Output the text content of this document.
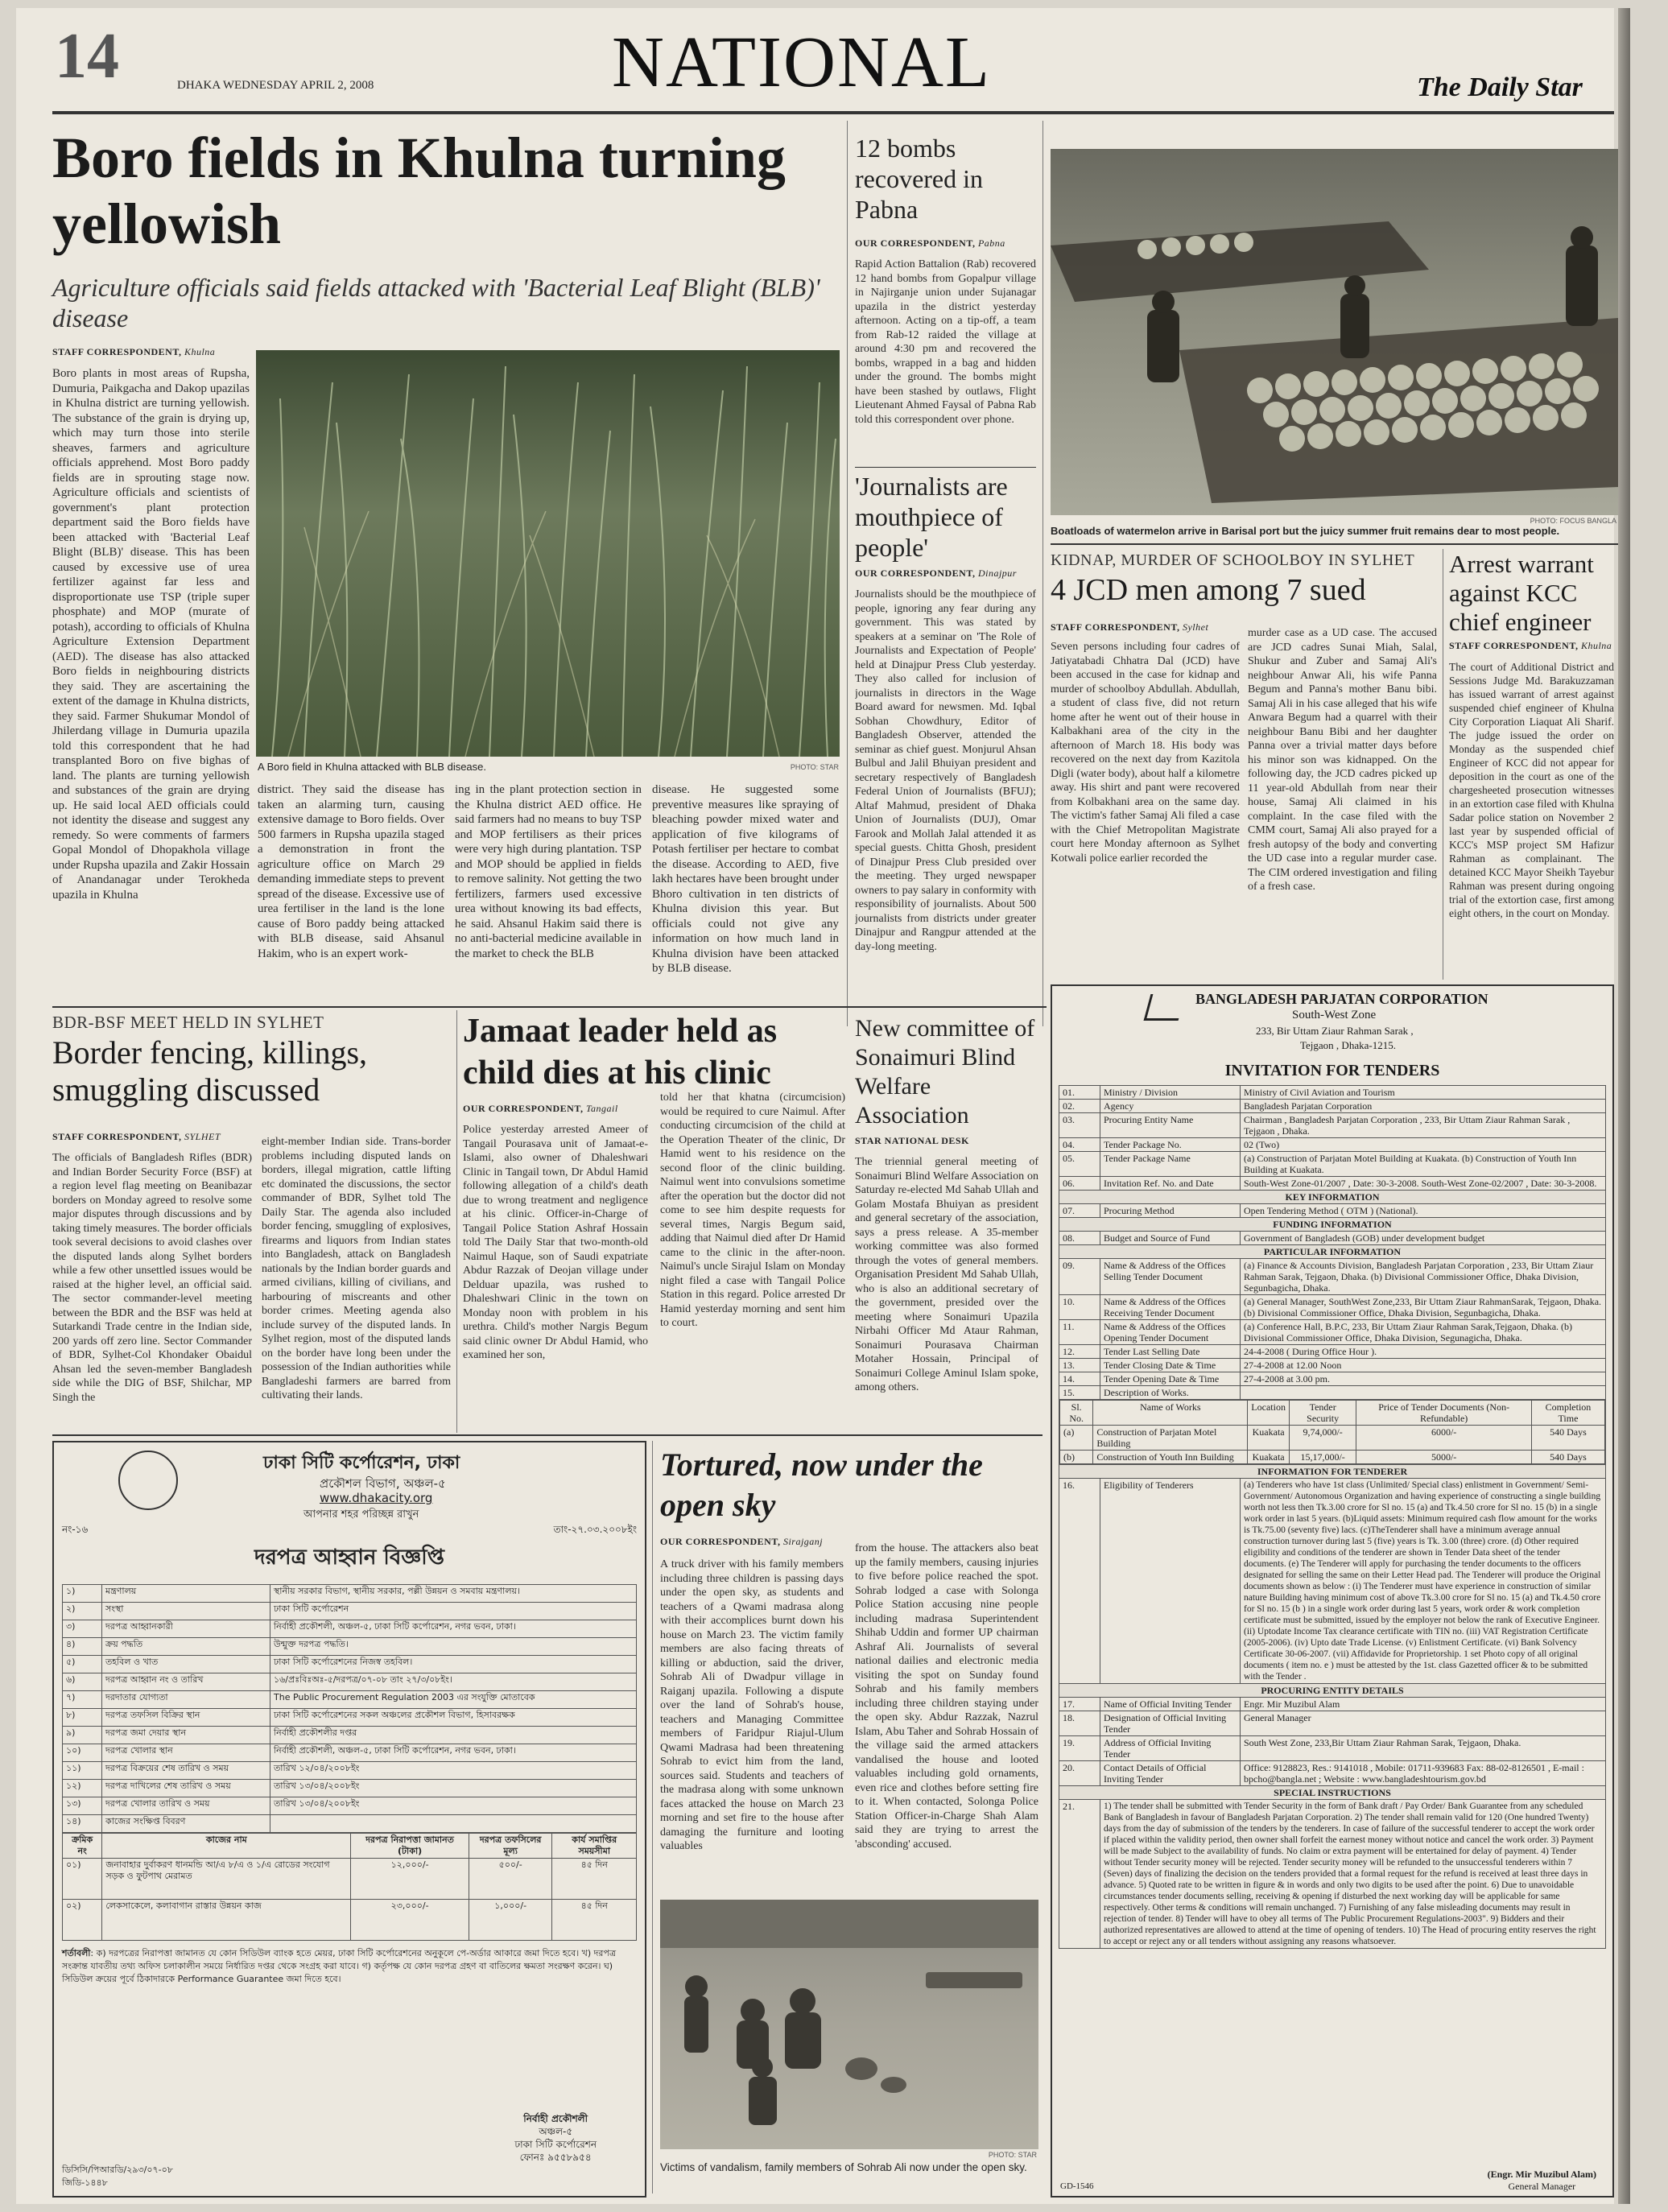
14	DHAKA WEDNESDAY APRIL 2, 2008	NATIONAL	The Daily Star
Boro fields in Khulna turning yellowish
Agriculture officials said fields attacked with 'Bacterial Leaf Blight (BLB)' disease
STAFF CORRESPONDENT, Khulna
Boro plants in most areas of Rupsha, Dumuria, Paikgacha and Dakop upazilas in Khulna district are turning yellowish. The substance of the grain is drying up, which may turn those into sterile sheaves, farmers and agriculture officials apprehend. Most Boro paddy fields are in sprouting stage now. Agriculture officials and scientists of government's plant protection department said the Boro fields have been attacked with 'Bacterial Leaf Blight (BLB)' disease. This has been caused by excessive use of urea fertilizer against far less and disproportionate use TSP (triple super phosphate) and MOP (murate of potash), according to officials of Khulna Agriculture Extension Department (AED). The disease has also attacked Boro fields in neighbouring districts they said. They are ascertaining the extent of the damage in Khulna districts, they said. Farmer Shukumar Mondol of Jhilerdang village in Dumuria upazila told this correspondent that he had transplanted Boro on five bighas of land. The plants are turning yellowish and substances of the grain are drying up. He said local AED officials could not identity the disease and suggest any remedy. So were comments of farmers Gopal Mondol of Dhopakhola village under Rupsha upazila and Zakir Hossain of Anandanagar under Terokheda upazila in Khulna
A Boro field in Khulna attacked with BLB disease.	PHOTO: STAR
district. They said the disease has taken an alarming turn, causing extensive damage to Boro fields. Over 500 farmers in Rupsha upazila staged a demonstration in front the agriculture office on March 29 demanding immediate steps to prevent spread of the disease. Excessive use of urea fertiliser in the land is the lone cause of Boro paddy being attacked with BLB disease, said Ahsanul Hakim, who is an expert work-
ing in the plant protection section in the Khulna district AED office. He said farmers had no means to buy TSP and MOP fertilisers as their prices were very high during plantation. TSP and MOP should be applied in fields to remove salinity. Not getting the two fertilizers, farmers used excessive urea without knowing its bad effects, he said. Ahsanul Hakim said there is no anti-bacterial medicine available in the market to check the BLB
disease. He suggested some preventive measures like spraying of bleaching powder mixed water and application of five kilograms of Potash fertiliser per hectare to combat the disease. According to AED, five lakh hectares have been brought under Bhoro cultivation in ten districts of Khulna division this year. But officials could not give any information on how much land in Khulna division have been attacked by BLB disease.
12 bombs recovered in Pabna
OUR CORRESPONDENT, Pabna
Rapid Action Battalion (Rab) recovered 12 hand bombs from Gopalpur village in Najirganje union under Sujanagar upazila in the district yesterday afternoon. Acting on a tip-off, a team from Rab-12 raided the village at around 4:30 pm and recovered the bombs, wrapped in a bag and hidden under the ground. The bombs might have been stashed by outlaws, Flight Lieutenant Ahmed Faysal of Pabna Rab told this correspondent over phone.
'Journalists are mouthpiece of people'
OUR CORRESPONDENT, Dinajpur
Journalists should be the mouthpiece of people, ignoring any fear during any government. This was stated by speakers at a seminar on 'The Role of Journalists and Expectation of People' held at Dinajpur Press Club yesterday. They also called for inclusion of journalists in directors in the Wage Board award for newsmen. Md. Iqbal Sobhan Chowdhury, Editor of Bangladesh Observer, attended the seminar as chief guest. Monjurul Ahsan Bulbul and Jalil Bhuiyan president and secretary respectively of Bangladesh Federal Union of Journalists (BFUJ); Altaf Mahmud, president of Dhaka Union of Journalists (DUJ), Omar Farook and Mollah Jalal attended it as special guests. Chitta Ghosh, president of Dinajpur Press Club presided over the meeting. They urged newspaper owners to pay salary in conformity with responsibility of journalists. About 500 journalists from districts under greater Dinajpur and Rangpur attended at the day-long meeting.
PHOTO: FOCUS BANGLA
Boatloads of watermelon arrive in Barisal port but the juicy summer fruit remains dear to most people.
KIDNAP, MURDER OF SCHOOLBOY IN SYLHET
4 JCD men among 7 sued
STAFF CORRESPONDENT, Sylhet
Seven persons including four cadres of Jatiyatabadi Chhatra Dal (JCD) have been accused in the case for kidnap and murder of schoolboy Abdullah. Abdullah, a student of class five, did not return home after he went out of their house in Kalbakhani area of the city in the afternoon of March 18. His body was recovered on the next day from Kazitola Digli (water body), about half a kilometre away. His shirt and pant were recovered from Kolbakhani area on the same day. The victim's father Samaj Ali filed a case with the Chief Metropolitan Magistrate court here Monday afternoon as Sylhet Kotwali police earlier recorded the
murder case as a UD case. The accused are JCD cadres Sunai Miah, Salal, Shukur and Zuber and Samaj Ali's neighbour Anwar Ali, his wife Panna Begum and Panna's mother Banu bibi. Samaj Ali in his case alleged that his wife Anwara Begum had a quarrel with their neighbour Banu Bibi and her daughter Panna over a trivial matter days before his minor son was kidnapped. On the following day, the JCD cadres picked up 11 year-old Abdullah from near their house, Samaj Ali claimed in his complaint. In the case filed with the CMM court, Samaj Ali also prayed for a fresh autopsy of the body and converting the UD case into a regular murder case. The CIM ordered investigation and filing of a fresh case.
Arrest warrant against KCC chief engineer
STAFF CORRESPONDENT, Khulna
The court of Additional District and Sessions Judge Md. Barakuzzaman has issued warrant of arrest against suspended chief engineer of Khulna City Corporation Liaquat Ali Sharif. The judge issued the order on Monday as the suspended chief Engineer of KCC did not appear for deposition in the court as one of the chargesheeted prosecution witnesses in an extortion case filed with Khulna Sadar police station on November 2 last year by suspended official of KCC's MSP project SM Hafizur Rahman as complainant. The detained KCC Mayor Sheikh Tayebur Rahman was present during ongoing trial of the extortion case, first among eight others, in the court on Monday.
BDR-BSF MEET HELD IN SYLHET
Border fencing, killings, smuggling discussed
STAFF CORRESPONDENT, SYLHET
The officials of Bangladesh Rifles (BDR) and Indian Border Security Force (BSF) at a region level flag meeting on Beanibazar borders on Monday agreed to resolve some major disputes through discussions and by taking timely measures. The border officials took several decisions to avoid clashes over the disputed lands along Sylhet borders while a few other unsettled issues would be raised at the higher level, an official said. The sector commander-level meeting between the BDR and the BSF was held at Sutarkandi Trade centre in the Indian side, 200 yards off zero line. Sector Commander of BDR, Sylhet-Col Khondaker Obaidul Ahsan led the seven-member Bangladesh side while the DIG of BSF, Shilchar, MP Singh the
eight-member Indian side. Trans-border problems including disputed lands on borders, illegal migration, cattle lifting etc dominated the discussions, the sector commander of BDR, Sylhet told The Daily Star. The agenda also included border fencing, smuggling of explosives, firearms and liquors from Indian states into Bangladesh, attack on Bangladesh nationals by the Indian border guards and armed civilians, killing of civilians, and harbouring of miscreants and other border crimes. Meeting agenda also include survey of the disputed lands. In Sylhet region, most of the disputed lands on the border have long been under the possession of the Indian authorities while Bangladeshi farmers are barred from cultivating their lands.
Jamaat leader held as child dies at his clinic
OUR CORRESPONDENT, Tangail
Police yesterday arrested Ameer of Tangail Pourasava unit of Jamaat-e-Islami, also owner of Dhaleshwari Clinic in Tangail town, Dr Abdul Hamid following allegation of a child's death due to wrong treatment and negligence at his clinic. Officer-in-Charge of Tangail Police Station Ashraf Hossain told The Daily Star that two-month-old Naimul Haque, son of Saudi expatriate Abdur Razzak of Deojan village under Delduar upazila, was rushed to Dhaleshwari Clinic in the town on Monday noon with problem in his urethra. Child's mother Nargis Begum said clinic owner Dr Abdul Hamid, who examined her son,
told her that khatna (circumcision) would be required to cure Naimul. After conducting circumcision of the child at the Operation Theater of the clinic, Dr Hamid went to his residence on the second floor of the clinic building. Naimul went into convulsions sometime after the operation but the doctor did not come to see him despite requests for several times, Nargis Begum said, adding that Naimul died after Dr Hamid came to the clinic in the after-noon. Naimul's uncle Sirajul Islam on Monday night filed a case with Tangail Police Station in this regard. Police arrested Dr Hamid yesterday morning and sent him to court.
New committee of Sonaimuri Blind Welfare Association
STAR NATIONAL DESK
The triennial general meeting of Sonaimuri Blind Welfare Association on Saturday re-elected Md Sahab Ullah and Golam Mostafa Bhuiyan as president and general secretary of the association, says a press release. A 35-member working committee was also formed through the votes of general members. Organisation President Md Sahab Ullah, who is also an additional secretary of the government, presided over the meeting where Sonaimuri Upazila Nirbahi Officer Md Ataur Rahman, Sonaimuri Pourasava Chairman Motaher Hossain, Principal of Sonaimuri College Aminul Islam spoke, among others.
Tortured, now under the open sky
OUR CORRESPONDENT, Sirajganj
A truck driver with his family members including three children is passing days under the open sky, as students and teachers of a Qwami madrasa along with their accomplices burnt down his house on March 23. The victim family members are also facing threats of killing or abduction, said the driver, Sohrab Ali of Dwadpur village in Raiganj upazila. Following a dispute over the land of Sohrab's house, teachers and Managing Committee members of Faridpur Riajul-Ulum Qwami Madrasa had been threatening Sohrab to evict him from the land, sources said. Students and teachers of the madrasa along with some unknown faces attacked the house on March 23 morning and set fire to the house after damaging the furniture and looting valuables
from the house. The attackers also beat up the family members, causing injuries to five before police reached the spot. Sohrab lodged a case with Solonga Police Station accusing nine people including madrasa Superintendent Shihab Uddin and former UP chairman Ashraf Ali. Journalists of several national dailies and electronic media visiting the spot on Sunday found Sohrab and his family members including three children staying under the open sky. Abdur Razzak, Nazrul Islam, Abu Taher and Sohrab Hossain of the village said the armed attackers vandalised the house and looted valuables including gold ornaments, even rice and clothes before setting fire to it. When contacted, Solonga Police Station Officer-in-Charge Shah Alam said they are trying to arrest the 'absconding' accused.
PHOTO: STAR
Victims of vandalism, family members of Sohrab Ali now under the open sky.
ঢাকা সিটি কর্পোরেশন, ঢাকা
প্রকৌশল বিভাগ, অঞ্চল-৫
www.dhakacity.org
আপনার শহর পরিচ্ছন্ন রাখুন
নং-১৬	তাং-২৭.০৩.২০০৮ইং
দরপত্র আহ্বান বিজ্ঞপ্তি
১)	মন্ত্রণালয়	স্থানীয় সরকার বিভাগ, স্থানীয় সরকার, পল্লী উন্নয়ন ও সমবায় মন্ত্রণালয়।
২)	সংস্থা	ঢাকা সিটি কর্পোরেশন
৩)	দরপত্র আহ্বানকারী	নির্বাহী প্রকৌশলী, অঞ্চল-৫, ঢাকা সিটি কর্পোরেশন, নগর ভবন, ঢাকা।
৪)	ক্রয় পদ্ধতি	উন্মুক্ত দরপত্র পদ্ধতি।
৫)	তহবিল ও খাত	ঢাকা সিটি কর্পোরেশনের নিজস্ব তহবিল।
৬)	দরপত্র আহ্বান নং ও তারিখ	১৬/প্রঃবিঃঅঃ-৫/দরপত্র/০৭-০৮ তাং ২৭/৩/০৮ইং।
৭)	দরদাতার যোগ্যতা	The Public Procurement Regulation 2003 এর সংযুক্তি মোতাবেক
৮)	দরপত্র তফসিল বিক্রির স্থান	ঢাকা সিটি কর্পোরেশনের সকল অঞ্চলের প্রকৌশল বিভাগ, হিসাবরক্ষক
৯)	দরপত্র জমা দেয়ার স্থান	নির্বাহী প্রকৌশলীর দপ্তর
১০)	দরপত্র খোলার স্থান	নির্বাহী প্রকৌশলী, অঞ্চল-৫, ঢাকা সিটি কর্পোরেশন, নগর ভবন, ঢাকা।
১১)	দরপত্র বিক্রয়ের শেষ তারিখ ও সময়	তারিখ ১২/০৪/২০০৮ইং
১২)	দরপত্র দাখিলের শেষ তারিখ ও সময়	তারিখ ১৩/০৪/২০০৮ইং
১৩)	দরপত্র খোলার তারিখ ও সময়	তারিখ ১৩/০৪/২০০৮ইং
১৪)	কাজের সংক্ষিপ্ত বিবরণ	
ক্রমিক নং	কাজের নাম	দরপত্র নিরাপত্তা জামানত (টাকা)	দরপত্র তফসিলের মূল্য	কার্য সমাপ্তির সময়সীমা
০১)	জনাবাহার দুর্বাকরণ ধানমন্ডি আ/এ ৮/এ ও ১/এ রোডের সংযোগ সড়ক ও ফুটপাথ মেরামত	১২,০০০/-	৫০০/-	৪৫ দিন
০২)	লেকসাকেলে, কলাবাগান রাস্তার উন্নয়ন কাজ	২৩,০০০/-	১,০০০/-	৪৫ দিন
শর্তাবলী: ক) দরপত্রের নিরাপত্তা জামানত যে কোন সিডিউল ব্যাংক হতে মেয়র, ঢাকা সিটি কর্পোরেশনের অনুকূলে পে-অর্ডার আকারে জমা দিতে হবে। খ) দরপত্র সংক্রান্ত যাবতীয় তথ্য অফিস চলাকালীন সময়ে নির্ধারিত দপ্তর থেকে সংগ্রহ করা যাবে। গ) কর্তৃপক্ষ যে কোন দরপত্র গ্রহণ বা বাতিলের ক্ষমতা সংরক্ষণ করেন। ঘ) সিডিউল ক্রয়ের পূর্বে ঠিকাদারকে Performance Guarantee জমা দিতে হবে।
নির্বাহী প্রকৌশলী
অঞ্চল-৫
ঢাকা সিটি কর্পোরেশন
ফোনঃ ৯৫৫৮৯৫৪
ডিসিসি/পিআরডি/২৯৩/০৭-০৮
জিডি-১৪৪৮
BANGLADESH PARJATAN CORPORATION
South-West Zone
233, Bir Uttam Ziaur Rahman Sarak ,
Tejgaon , Dhaka-1215.
INVITATION FOR TENDERS
01.	Ministry / Division	Ministry of Civil Aviation and Tourism
02.	Agency	Bangladesh Parjatan Corporation
03.	Procuring Entity Name	Chairman , Bangladesh Parjatan Corporation , 233, Bir Uttam Ziaur Rahman Sarak , Tejgaon , Dhaka.
04.	Tender Package No.	02 (Two)
05.	Tender Package Name	(a) Construction of Parjatan Motel Building at Kuakata. (b) Construction of Youth Inn Building at Kuakata.
06.	Invitation Ref. No. and Date	South-West Zone-01/2007 , Date: 30-3-2008. South-West Zone-02/2007 , Date: 30-3-2008.
KEY INFORMATION
07.	Procuring Method	Open Tendering Method ( OTM ) (National).
FUNDING INFORMATION
08.	Budget and Source of Fund	Government of Bangladesh (GOB) under development budget
PARTICULAR INFORMATION
09.	Name & Address of the Offices Selling Tender Document	(a) Finance & Accounts Division, Bangladesh Parjatan Corporation , 233, Bir Uttam Ziaur Rahman Sarak, Tejgaon, Dhaka. (b) Divisional Commissioner Office, Dhaka Division, Segunbagicha, Dhaka.
10.	Name & Address of the Offices Receiving Tender Document	(a) General Manager, SouthWest Zone,233, Bir Uttam Ziaur RahmanSarak, Tejgaon, Dhaka. (b) Divisional Commissioner Office, Dhaka Division, Segunbagicha, Dhaka.
11.	Name & Address of the Offices Opening Tender Document	(a) Conference Hall, B.P.C, 233, Bir Uttam Ziaur Rahman Sarak,Tejgaon, Dhaka. (b) Divisional Commissioner Office, Dhaka Division, Segunagicha, Dhaka.
12.	Tender Last Selling Date	24-4-2008 ( During Office Hour ).
13.	Tender Closing Date & Time	27-4-2008 at 12.00 Noon
14.	Tender Opening Date & Time	27-4-2008 at 3.00 pm.
15.	Description of Works.	

Sl. No.	Name of Works	Location	Tender Security	Price of Tender Documents (Non-Refundable)	Completion Time
(a)	Construction of Parjatan Motel Building	Kuakata	9,74,000/-	6000/-	540 Days
(b)	Construction of Youth Inn Building	Kuakata	15,17,000/-	5000/-	540 Days

INFORMATION FOR TENDERER
16.	Eligibility of Tenderers	(a) Tenderers who have 1st class (Unlimited/ Special class) enlistment in Government/ Semi-Government/ Autonomous Organization and having experience of constructing a single building worth not less then Tk.3.00 crore for Sl no. 15 (a) and Tk.4.50 crore for Sl no. 15 (b) in a single work order in last 5 years. (b)Liquid assets: Minimum required cash flow amount for the works is Tk.75.00 (seventy five) lacs. (c)TheTenderer shall have a minimum average annual construction turnover during last 5 (five) years is Tk. 3.00 (three) crore. (d) Other required eligibility and conditions of the tenderer are shown in Tender Data sheet of the tender documents. (e) The Tenderer will apply for purchasing the tender documents to the officers designated for selling the same on their Letter Head pad. The Tenderer will produce the Original documents shown as below : (i) The Tenderer must have experience in construction of similar nature Building having minimum cost of above Tk.3.00 crore for Sl no. 15 (a) and Tk.4.50 crore for Sl no. 15 (b ) in a single work order during last 5 years, work order & work completion certificate must be submitted, issued by the employer not below the rank of Executive Engineer. (ii) Uptodate Income Tax clearance certificate with TIN no. (iii) VAT Registration Certificate (2005-2006). (iv) Upto date Trade License. (v) Enlistment Certificate. (vi) Bank Solvency Certificate 30-06-2007. (vii) Affidavide for Proprietorship. 1 set Photo copy of all original documents ( item no. e ) must be attested by the 1st. class Gazetted officer & to be submitted with the Tender .
PROCURING ENTITY DETAILS
17.	Name of Official Inviting Tender	Engr. Mir Muzibul Alam
18.	Designation of Official Inviting Tender	General Manager
19.	Address of Official Inviting Tender	South West Zone, 233,Bir Uttam Ziaur Rahman Sarak, Tejgaon, Dhaka.
20.	Contact Details of Official Inviting Tender	Office: 9128823, Res.: 9141018 , Mobile: 01711-939683 Fax: 88-02-8126501 , E-mail : bpcho@bangla.net ; Website : www.bangladeshtourism.gov.bd
SPECIAL INSTRUCTIONS
21.	1) The tender shall be submitted with Tender Security in the form of Bank draft / Pay Order/ Bank Guarantee from any scheduled Bank of Bangladesh in favour of Bangladesh Parjatan Corporation. 2) The tender shall remain valid for 120 (One hundred Twenty) days from the day of submission of the tenders by the tenderers. In case of failure of the successful tenderer to accept the work order if placed within the validity period, then owner shall forfeit the earnest money without notice and cancel the work order. 3) Payment will be made Subject to the availability of funds. No claim or extra payment will be entertained for delay of payment. 4) Tender without Tender security money will be rejected. Tender security money will be refunded to the unsuccessful tenderers within 7 (Seven) days of finalizing the decision on the tenders provided that a formal request for the refund is received at least three days in advance. 5) Quoted rate to be written in figure & in words and only two digits to be used after the point. 6) Due to unavoidable circumstances tender documents selling, receiving & opening if disturbed the next working day will be applicable for same respectively. Other terms & conditions will remain unchanged. 7) Furnishing of any false misleading documents may result in rejection of tender. 8) Tender will have to obey all terms of The Public Procurement Regulations-2003". 9) Bidders and their authorized representatives are allowed to attend at the time of opening of tenders. 10) The Head of procuring entity reserves the right to accept or reject any or all tenders without assigning any reasons whatsoever.
GD-1546
(Engr. Mir Muzibul Alam)
General Manager
